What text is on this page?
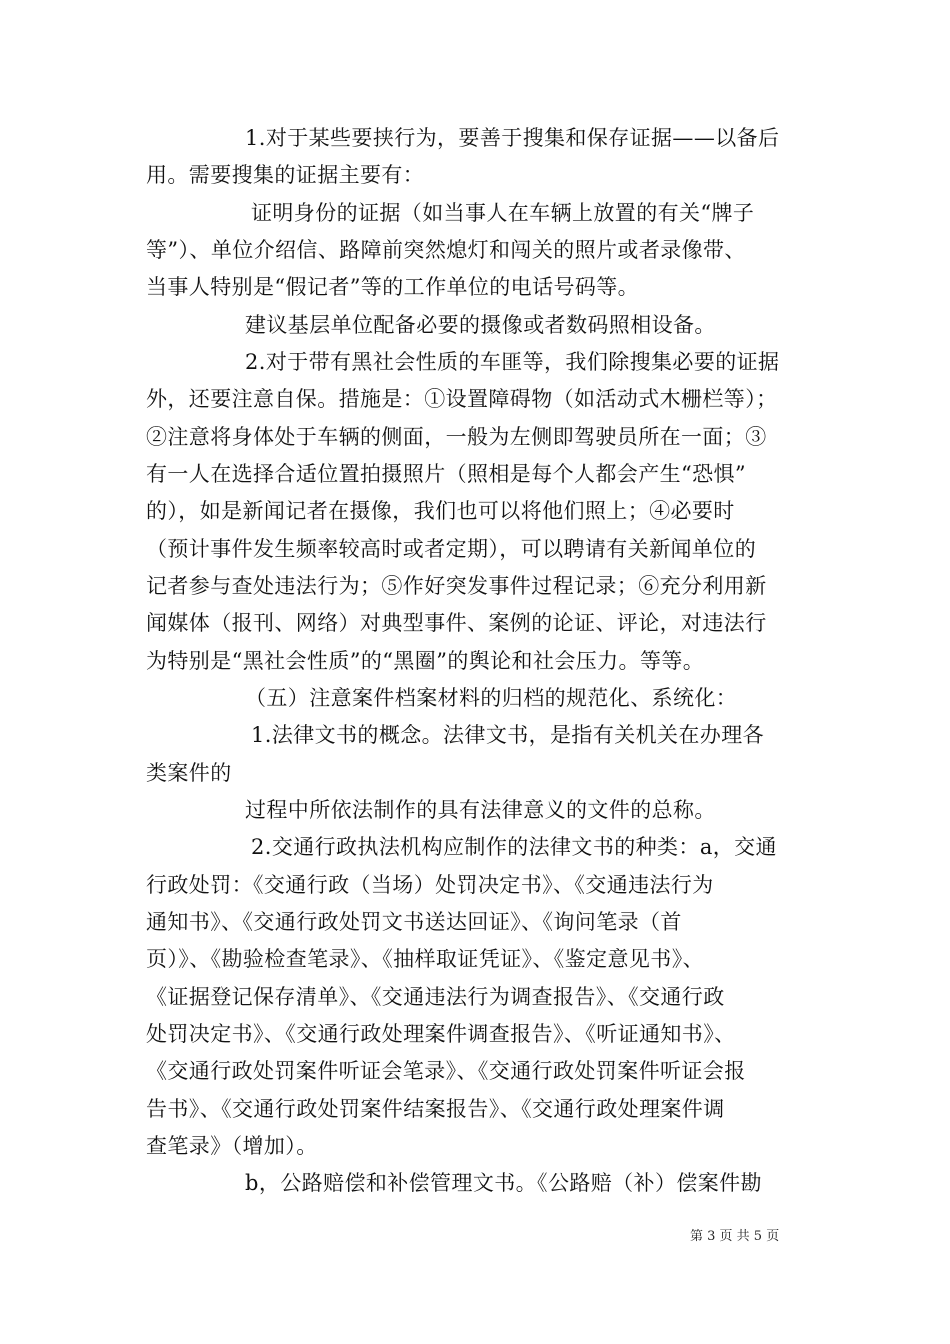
1.对于某些要挟行为，要善于搜集和保存证据——以备后
用。需要搜集的证据主要有：
证明身份的证据（如当事人在车辆上放置的有关“牌子
等”）、单位介绍信、路障前突然熄灯和闯关的照片或者录像带、
当事人特别是“假记者”等的工作单位的电话号码等。
建议基层单位配备必要的摄像或者数码照相设备。
2.对于带有黑社会性质的车匪等，我们除搜集必要的证据
外，还要注意自保。措施是：①设置障碍物（如活动式木栅栏等）；
②注意将身体处于车辆的侧面，一般为左侧即驾驶员所在一面；③
有一人在选择合适位置拍摄照片（照相是每个人都会产生“恐惧”
的），如是新闻记者在摄像，我们也可以将他们照上；④必要时
（预计事件发生频率较高时或者定期），可以聘请有关新闻单位的
记者参与查处违法行为；⑤作好突发事件过程记录；⑥充分利用新
闻媒体（报刊、网络）对典型事件、案例的论证、评论，对违法行
为特别是“黑社会性质”的“黑圈”的舆论和社会压力。等等。
（五）注意案件档案材料的归档的规范化、系统化：
1.法律文书的概念。法律文书，是指有关机关在办理各
类案件的
过程中所依法制作的具有法律意义的文件的总称。
2.交通行政执法机构应制作的法律文书的种类：a，交通
行政处罚：《交通行政（当场）处罚决定书》、《交通违法行为
通知书》、《交通行政处罚文书送达回证》、《询问笔录（首
页）》、《勘验检查笔录》、《抽样取证凭证》、《鉴定意见书》、
《证据登记保存清单》、《交通违法行为调查报告》、《交通行政
处罚决定书》、《交通行政处理案件调查报告》、《听证通知书》、
《交通行政处罚案件听证会笔录》、《交通行政处罚案件听证会报
告书》、《交通行政处罚案件结案报告》、《交通行政处理案件调
查笔录》（增加）。
b，公路赔偿和补偿管理文书。《公路赔（补）偿案件勘
第 3 页 共 5 页
